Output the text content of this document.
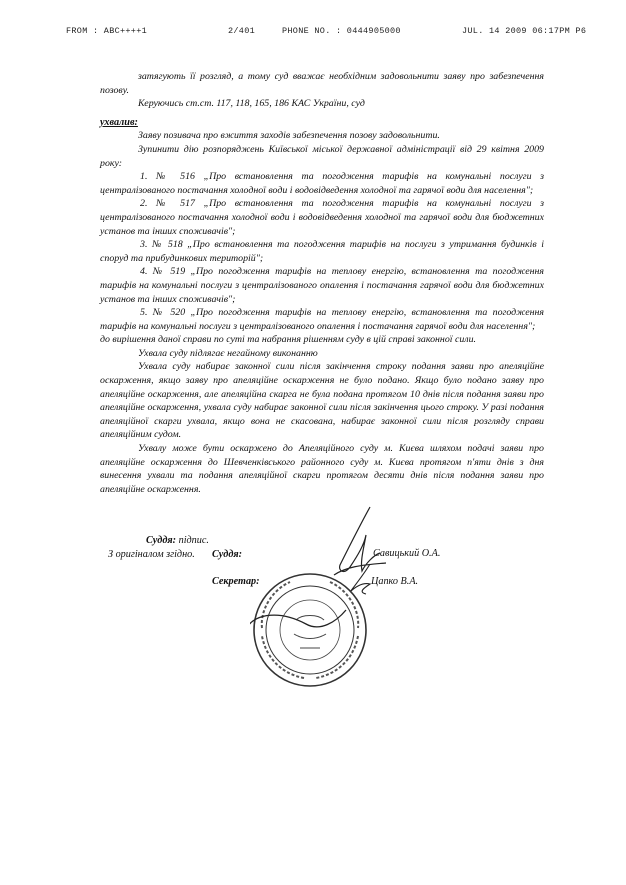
FROM : ABC++++1	2/401	PHONE NO. : 0444905000	JUL. 14 2009 06:17PM P6

затягують її розгляд, а тому суд вважає необхідним задовольнити заяву про забезпечення позову.

Керуючись ст.ст. 117, 118, 165, 186 КАС України, суд

ухвалив:

Заяву позивача про вжиття заходів забезпечення позову задовольнити.

Зупинити дію розпоряджень Київської міської державної адміністрації від 29 квітня 2009 року:

1. № 516 „Про встановлення та погодження тарифів на комунальні послуги з централізованого постачання холодної води і водовідведення холодної та гарячої води для населення";

2. № 517 „Про встановлення та погодження тарифів на комунальні послуги з централізованого постачання холодної води і водовідведення холодної та гарячої води для бюджетних установ та інших споживачів";

3. № 518 „Про встановлення та погодження тарифів на послуги з утримання будинків і споруд та прибудинкових територій";

4. № 519 „Про погодження тарифів на теплову енергію, встановлення та погодження тарифів на комунальні послуги з централізованого опалення і постачання гарячої води для бюджетних установ та інших споживачів";

5. № 520 „Про погодження тарифів на теплову енергію, встановлення та погодження тарифів на комунальні послуги з централізованого опалення і постачання гарячої води для населення";

до вирішення даної справи по суті та набрання рішенням суду в цій справі законної сили.

Ухвала суду підлягає негайному виконанню

Ухвала суду набирає законної сили після закінчення строку подання заяви про апеляційне оскарження, якщо заяву про апеляційне оскарження не було подано. Якщо було подано заяву про апеляційне оскарження, але апеляційна скарга не була подана протягом 10 днів після подання заяви про апеляційне оскарження, ухвала суду набирає законної сили після закінчення цього строку. У разі подання апеляційної скарги ухвала, якщо вона не скасована, набирає законної сили після розгляду справи апеляційним судом.

Ухвалу може бути оскаржено до Апеляційного суду м. Києва шляхом подачі заяви про апеляційне оскарження до Шевченківського районного суду м. Києва протягом п'яти днів з дня винесення ухвали та подання апеляційної скарги протягом десяти днів після подання заяви про апеляційне оскарження.

Суддя: підпис.
З оригіналом згідно. Суддя:	Савицький О.А.
Секретар:	Цапко В.А.
